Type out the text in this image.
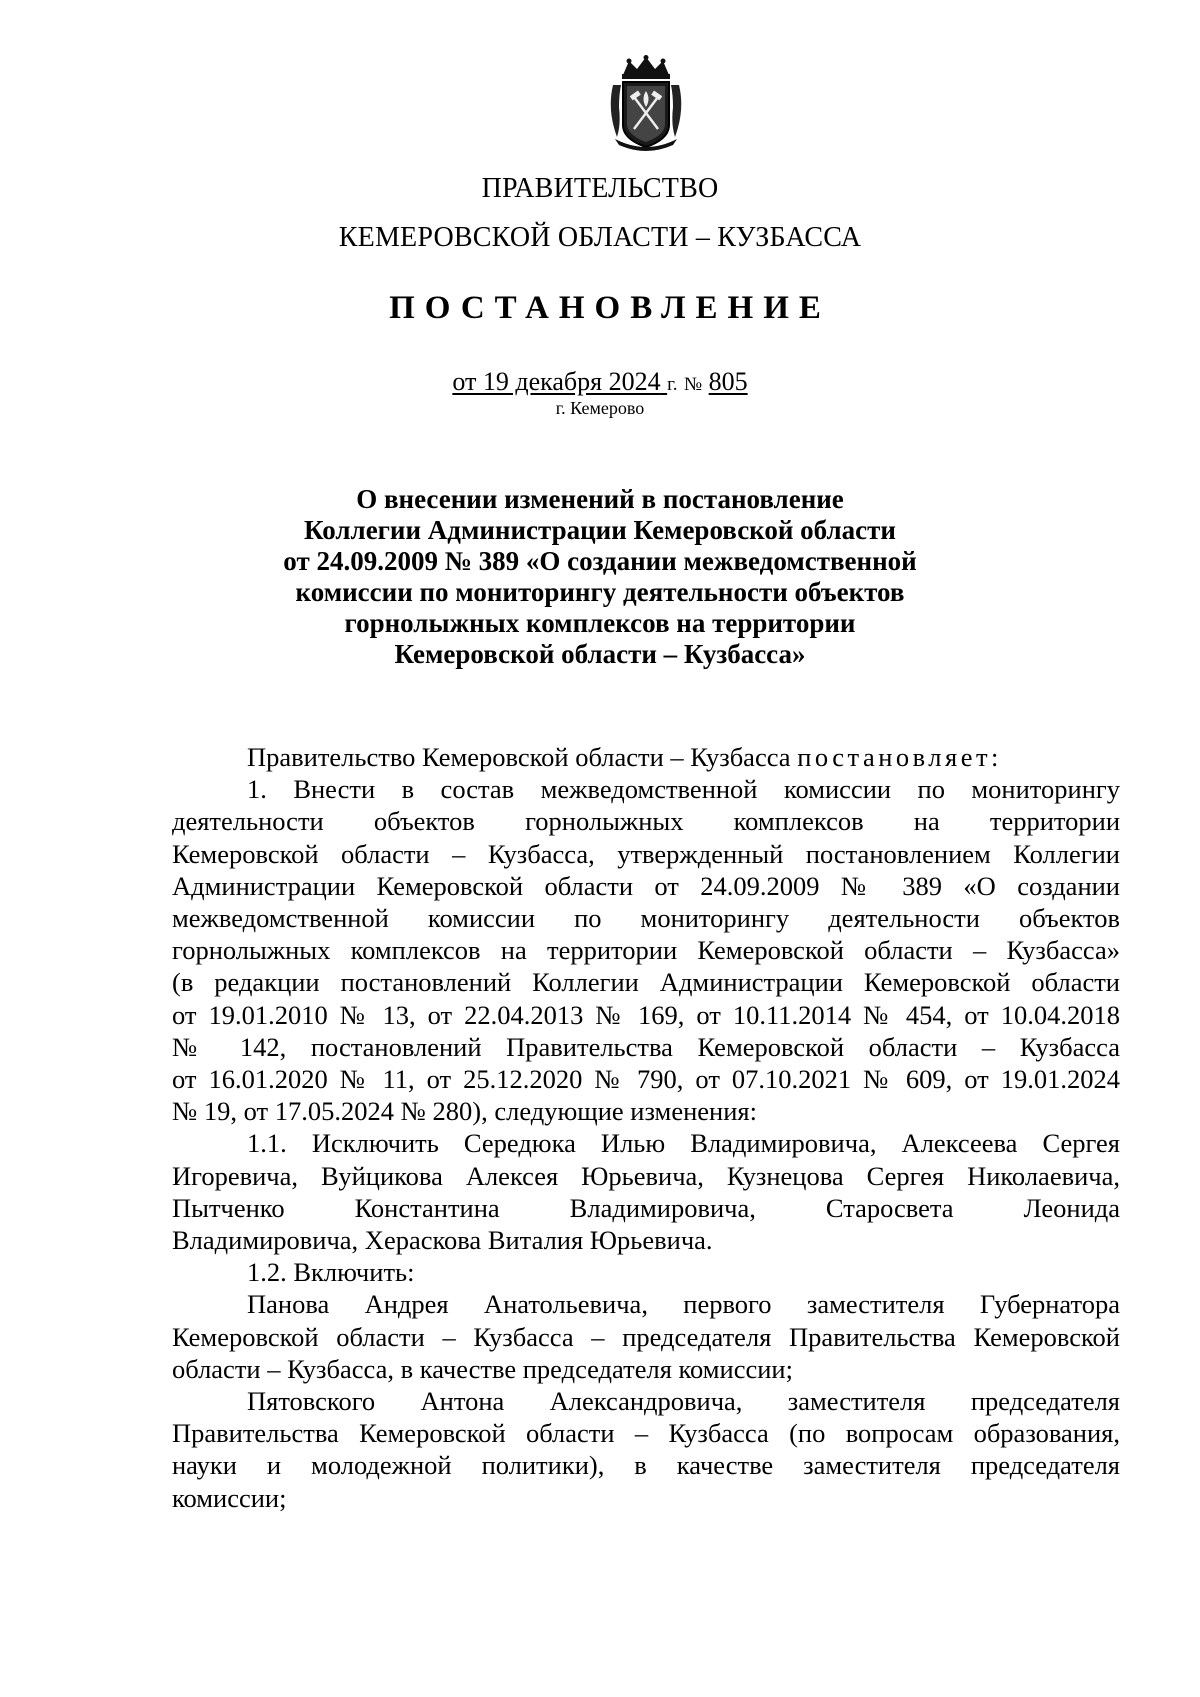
ПРАВИТЕЛЬСТВО
КЕМЕРОВСКОЙ ОБЛАСТИ – КУЗБАССА
ПОСТАНОВЛЕНИЕ
от 19 декабря 2024 г. № 805
г. Кемерово
О внесении изменений в постановление
Коллегии Администрации Кемеровской области
от 24.09.2009 № 389 «О создании межведомственной
комиссии по мониторингу деятельности объектов
горнолыжных комплексов на территории
Кемеровской области – Кузбасса»

Правительство Кемеровской области – Кузбасса постановляет:

1. Внести в состав межведомственной комиссии по мониторингу
деятельности объектов горнолыжных комплексов на территории
Кемеровской области – Кузбасса, утвержденный постановлением Коллегии
Администрации Кемеровской области от 24.09.2009 № 389 «О создании
межведомственной комиссии по мониторингу деятельности объектов
горнолыжных комплексов на территории Кемеровской области – Кузбасса»
(в редакции постановлений Коллегии Администрации Кемеровской области
от 19.01.2010 № 13, от 22.04.2013 № 169, от 10.11.2014 № 454, от 10.04.2018
№ 142, постановлений Правительства Кемеровской области – Кузбасса
от 16.01.2020 № 11, от 25.12.2020 № 790, от 07.10.2021 № 609, от 19.01.2024
№ 19, от 17.05.2024 № 280), следующие изменения:
1.1. Исключить Середюка Илью Владимировича, Алексеева Сергея
Игоревича, Вуйцикова Алексея Юрьевича, Кузнецова Сергея Николаевича,
Пытченко Константина Владимировича, Старосвета Леонида
Владимировича, Хераскова Виталия Юрьевича.
1.2. Включить:
Панова Андрея Анатольевича, первого заместителя Губернатора
Кемеровской области – Кузбасса – председателя Правительства Кемеровской
области – Кузбасса, в качестве председателя комиссии;
Пятовского Антона Александровича, заместителя председателя
Правительства Кемеровской области – Кузбасса (по вопросам образования,
науки и молодежной политики), в качестве заместителя председателя
комиссии;
